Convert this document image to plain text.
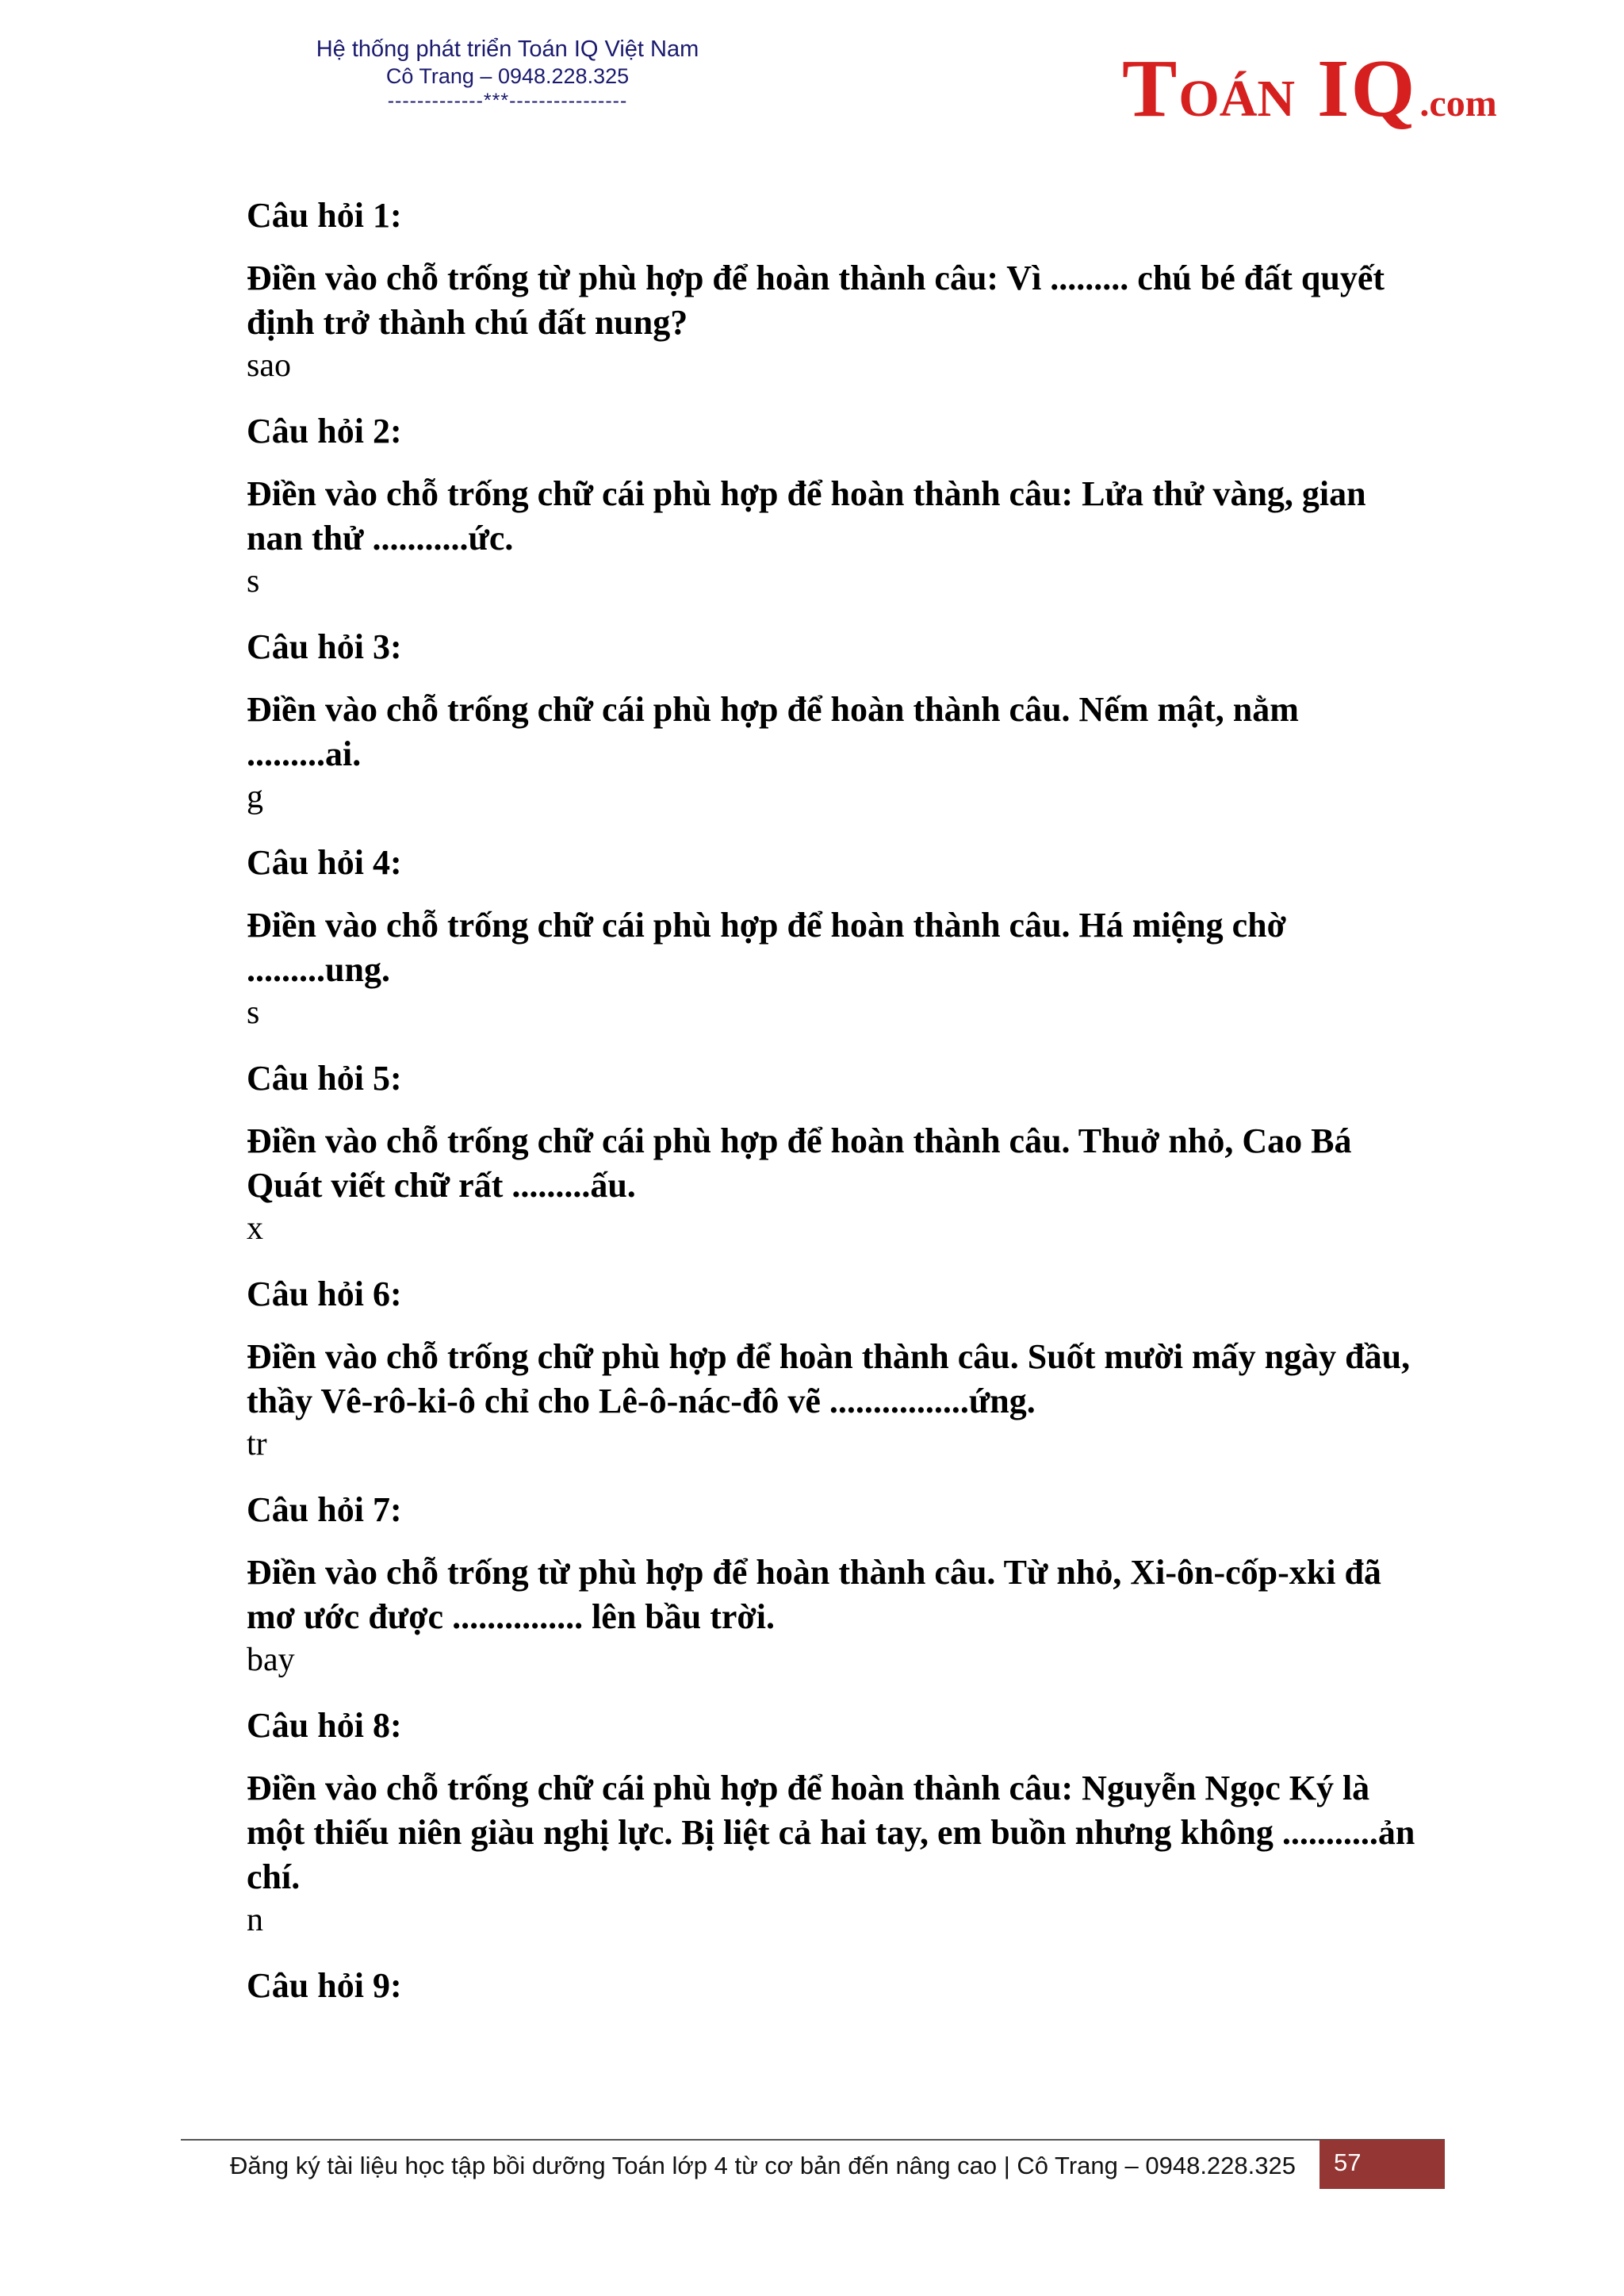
Hệ thống phát triển Toán IQ Việt Nam
Cô Trang – 0948.228.325
-------------***----------------	TOÁN IQ.com

Câu hỏi 1:

Điền vào chỗ trống từ phù hợp để hoàn thành câu: Vì ......... chú bé đất quyết định trở thành chú đất nung?

sao

Câu hỏi 2:

Điền vào chỗ trống chữ cái phù hợp để hoàn thành câu: Lửa thử vàng, gian nan thử ...........ức.

s

Câu hỏi 3:

Điền vào chỗ trống chữ cái phù hợp để hoàn thành câu. Nếm mật, nằm .........ai.

g

Câu hỏi 4:

Điền vào chỗ trống chữ cái phù hợp để hoàn thành câu. Há miệng chờ .........ung.

s

Câu hỏi 5:

Điền vào chỗ trống chữ cái phù hợp để hoàn thành câu. Thuở nhỏ, Cao Bá Quát viết chữ rất .........ấu.

x

Câu hỏi 6:

Điền vào chỗ trống chữ phù hợp để hoàn thành câu. Suốt mười mấy ngày đầu, thầy Vê-rô-ki-ô chỉ cho Lê-ô-nác-đô vẽ ................ứng.

tr

Câu hỏi 7:

Điền vào chỗ trống từ phù hợp để hoàn thành câu. Từ nhỏ, Xi-ôn-cốp-xki đã mơ ước được ............... lên bầu trời.

bay

Câu hỏi 8:

Điền vào chỗ trống chữ cái phù hợp để hoàn thành câu: Nguyễn Ngọc Ký là một thiếu niên giàu nghị lực. Bị liệt cả hai tay, em buồn nhưng không ...........ản chí.

n

Câu hỏi 9:

Đăng ký tài liệu học tập bồi dưỡng Toán lớp 4 từ cơ bản đến nâng cao | Cô Trang – 0948.228.325	57
